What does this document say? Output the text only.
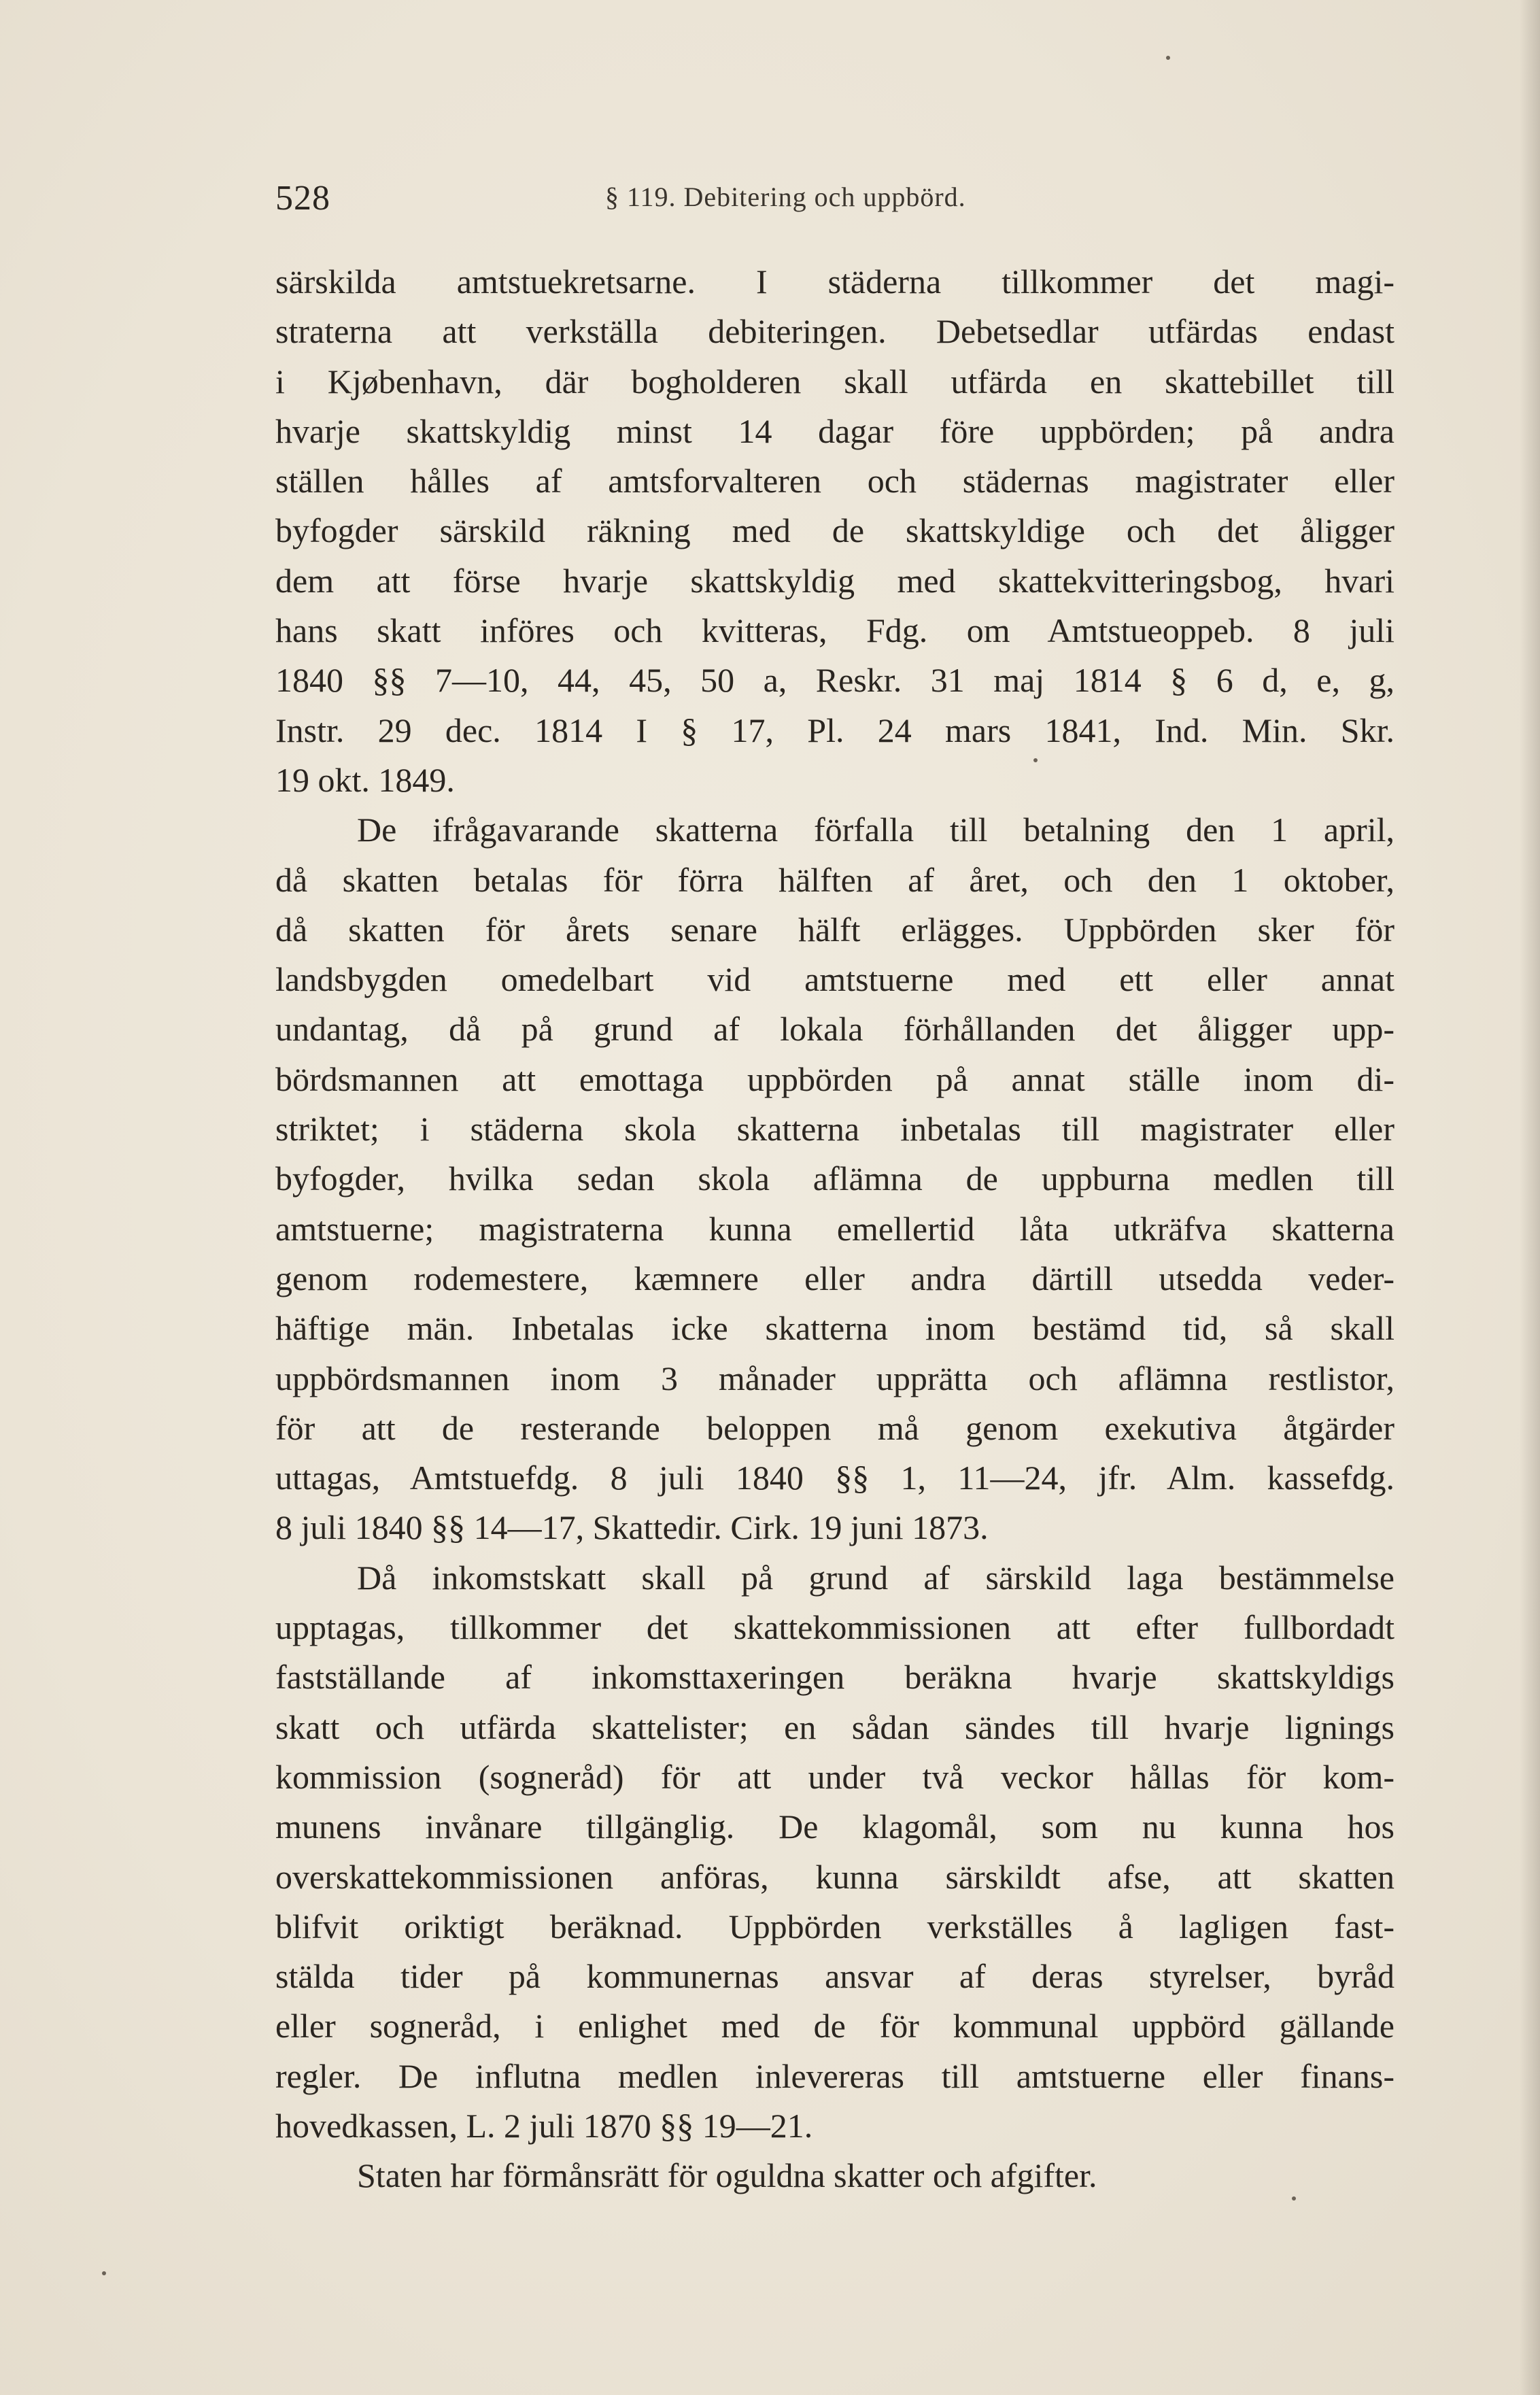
528	§ 119. Debitering och uppbörd.
särskilda amtstuekretsarne. I städerna tillkommer det magi-
straterna att verkställa debiteringen. Debetsedlar utfärdas endast
i Kjøbenhavn, där bogholderen skall utfärda en skattebillet till
hvarje skattskyldig minst 14 dagar före uppbörden; på andra
ställen hålles af amtsforvalteren och städernas magistrater eller
byfogder särskild räkning med de skattskyldige och det åligger
dem att förse hvarje skattskyldig med skattekvitteringsbog, hvari
hans skatt införes och kvitteras, Fdg. om Amtstueoppeb. 8 juli
1840 §§ 7—10, 44, 45, 50 a, Reskr. 31 maj 1814 § 6 d, e, g,
Instr. 29 dec. 1814 I § 17, Pl. 24 mars 1841, Ind. Min. Skr.
19 okt. 1849.
De ifrågavarande skatterna förfalla till betalning den 1 april,
då skatten betalas för förra hälften af året, och den 1 oktober,
då skatten för årets senare hälft erlägges. Uppbörden sker för
landsbygden omedelbart vid amtstuerne med ett eller annat
undantag, då på grund af lokala förhållanden det åligger upp-
bördsmannen att emottaga uppbörden på annat ställe inom di-
striktet; i städerna skola skatterna inbetalas till magistrater eller
byfogder, hvilka sedan skola aflämna de uppburna medlen till
amtstuerne; magistraterna kunna emellertid låta utkräfva skatterna
genom rodemestere, kæmnere eller andra därtill utsedda veder-
häftige män. Inbetalas icke skatterna inom bestämd tid, så skall
uppbördsmannen inom 3 månader upprätta och aflämna restlistor,
för att de resterande beloppen må genom exekutiva åtgärder
uttagas, Amtstuefdg. 8 juli 1840 §§ 1, 11—24, jfr. Alm. kassefdg.
8 juli 1840 §§ 14—17, Skattedir. Cirk. 19 juni 1873.
Då inkomstskatt skall på grund af särskild laga bestämmelse
upptagas, tillkommer det skattekommissionen att efter fullbordadt
fastställande af inkomsttaxeringen beräkna hvarje skattskyldigs
skatt och utfärda skattelister; en sådan sändes till hvarje lignings
kommission (sogneråd) för att under två veckor hållas för kom-
munens invånare tillgänglig. De klagomål, som nu kunna hos
overskattekommissionen anföras, kunna särskildt afse, att skatten
blifvit oriktigt beräknad. Uppbörden verkställes å lagligen fast-
stälda tider på kommunernas ansvar af deras styrelser, byråd
eller sogneråd, i enlighet med de för kommunal uppbörd gällande
regler. De influtna medlen inlevereras till amtstuerne eller finans-
hovedkassen, L. 2 juli 1870 §§ 19—21.
Staten har förmånsrätt för oguldna skatter och afgifter.
